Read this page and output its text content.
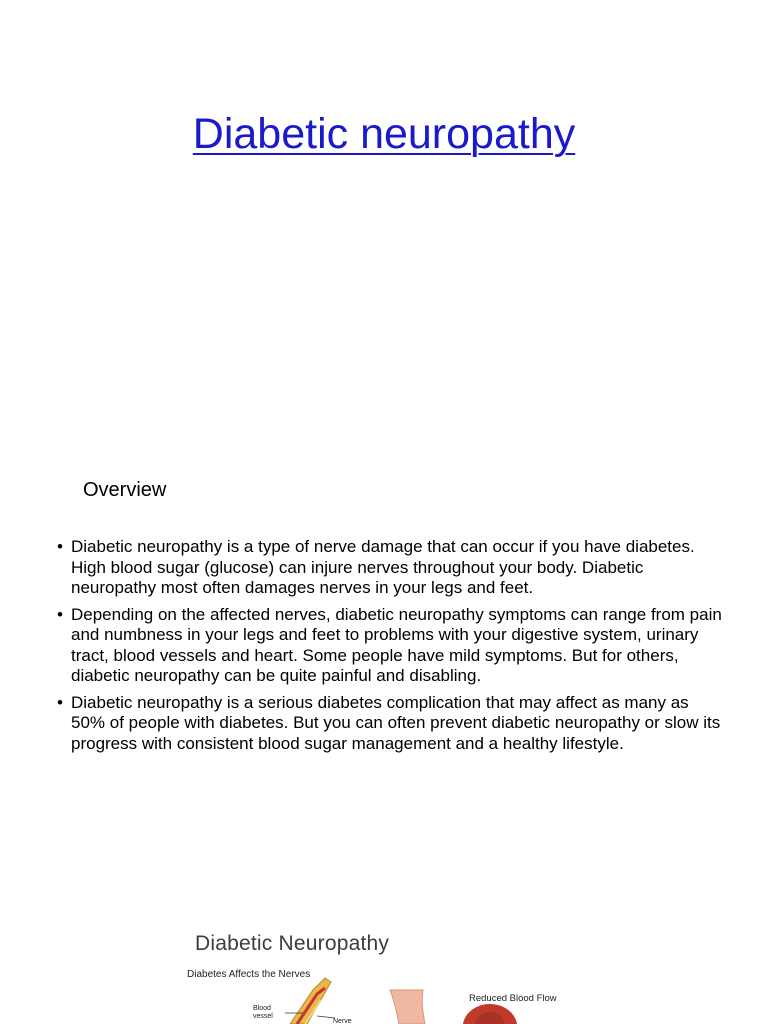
Diabetic neuropathy
Overview
• Diabetic neuropathy is a type of nerve damage that can occur if you have diabetes. High blood sugar (glucose) can injure nerves throughout your body. Diabetic neuropathy most often damages nerves in your legs and feet.
• Depending on the affected nerves, diabetic neuropathy symptoms can range from pain and numbness in your legs and feet to problems with your digestive system, urinary tract, blood vessels and heart. Some people have mild symptoms. But for others, diabetic neuropathy can be quite painful and disabling.
• Diabetic neuropathy is a serious diabetes complication that may affect as many as 50% of people with diabetes. But you can often prevent diabetic neuropathy or slow its progress with consistent blood sugar management and a healthy lifestyle.
Diabetic Neuropathy
Diabetes Affects the Nerves
Reduced Blood Flow
Blood vessel
Nerve
